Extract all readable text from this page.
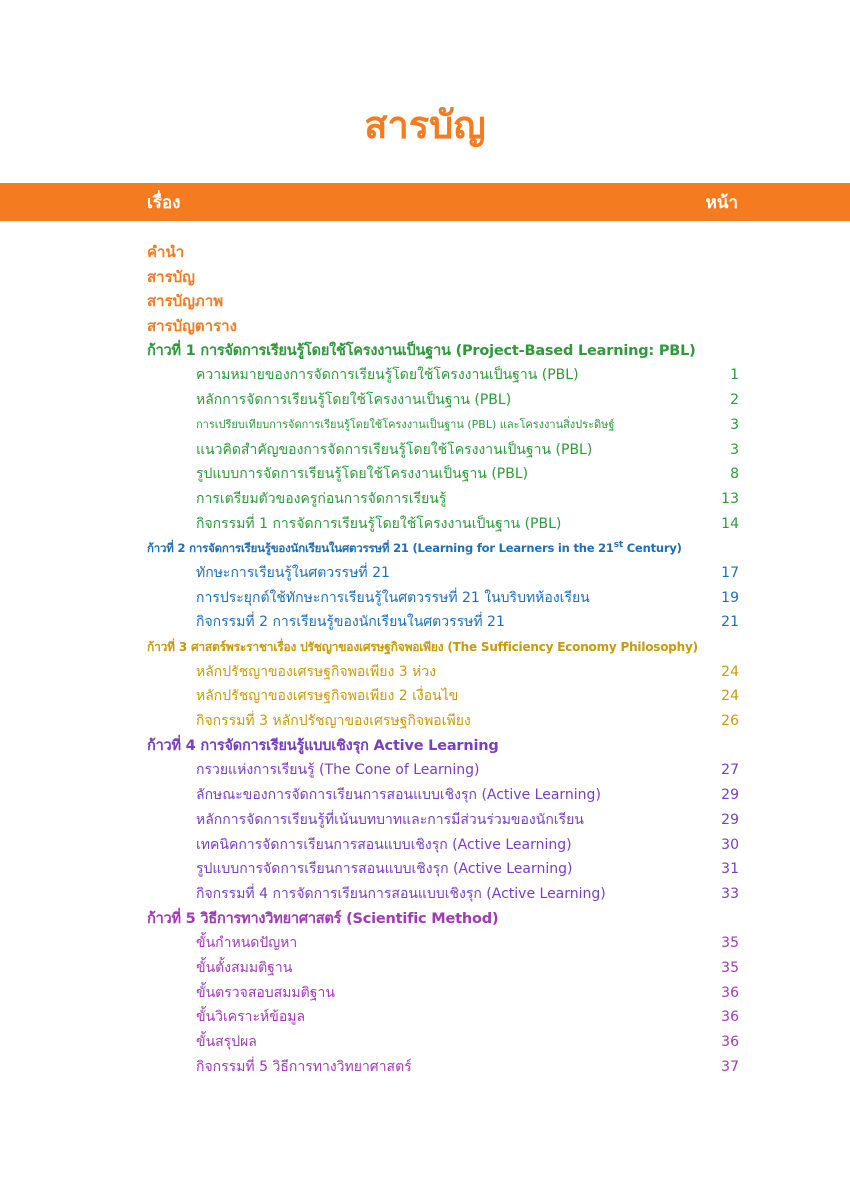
สารบัญ
เรื่อง	หน้า
คำนำ
สารบัญ
สารบัญภาพ
สารบัญตาราง
ก้าวที่ 1 การจัดการเรียนรู้โดยใช้โครงงานเป็นฐาน (Project-Based Learning: PBL)
ความหมายของการจัดการเรียนรู้โดยใช้โครงงานเป็นฐาน (PBL)	1
หลักการจัดการเรียนรู้โดยใช้โครงงานเป็นฐาน (PBL)	2
การเปรียบเทียบการจัดการเรียนรู้โดยใช้โครงงานเป็นฐาน (PBL) และโครงงานสิ่งประดิษฐ์	3
แนวคิดสำคัญของการจัดการเรียนรู้โดยใช้โครงงานเป็นฐาน (PBL)	3
รูปแบบการจัดการเรียนรู้โดยใช้โครงงานเป็นฐาน (PBL)	8
การเตรียมตัวของครูก่อนการจัดการเรียนรู้	13
กิจกรรมที่ 1 การจัดการเรียนรู้โดยใช้โครงงานเป็นฐาน (PBL)	14
ก้าวที่ 2 การจัดการเรียนรู้ของนักเรียนในศตวรรษที่ 21 (Learning for Learners in the 21st Century)
ทักษะการเรียนรู้ในศตวรรษที่ 21	17
การประยุกต์ใช้ทักษะการเรียนรู้ในศตวรรษที่ 21 ในบริบทห้องเรียน	19
กิจกรรมที่ 2 การเรียนรู้ของนักเรียนในศตวรรษที่ 21	21
ก้าวที่ 3 ศาสตร์พระราชาเรื่อง ปรัชญาของเศรษฐกิจพอเพียง (The Sufficiency Economy Philosophy)
หลักปรัชญาของเศรษฐกิจพอเพียง 3 ห่วง	24
หลักปรัชญาของเศรษฐกิจพอเพียง 2 เงื่อนไข	24
กิจกรรมที่ 3 หลักปรัชญาของเศรษฐกิจพอเพียง	26
ก้าวที่ 4 การจัดการเรียนรู้แบบเชิงรุก Active Learning
กรวยแห่งการเรียนรู้ (The Cone of Learning)	27
ลักษณะของการจัดการเรียนการสอนแบบเชิงรุก (Active Learning)	29
หลักการจัดการเรียนรู้ที่เน้นบทบาทและการมีส่วนร่วมของนักเรียน	29
เทคนิคการจัดการเรียนการสอนแบบเชิงรุก (Active Learning)	30
รูปแบบการจัดการเรียนการสอนแบบเชิงรุก (Active Learning)	31
กิจกรรมที่ 4 การจัดการเรียนการสอนแบบเชิงรุก (Active Learning)	33
ก้าวที่ 5 วิธีการทางวิทยาศาสตร์ (Scientific Method)
ขั้นกำหนดปัญหา	35
ขั้นตั้งสมมติฐาน	35
ขั้นตรวจสอบสมมติฐาน	36
ขั้นวิเคราะห์ข้อมูล	36
ขั้นสรุปผล	36
กิจกรรมที่ 5 วิธีการทางวิทยาศาสตร์	37
